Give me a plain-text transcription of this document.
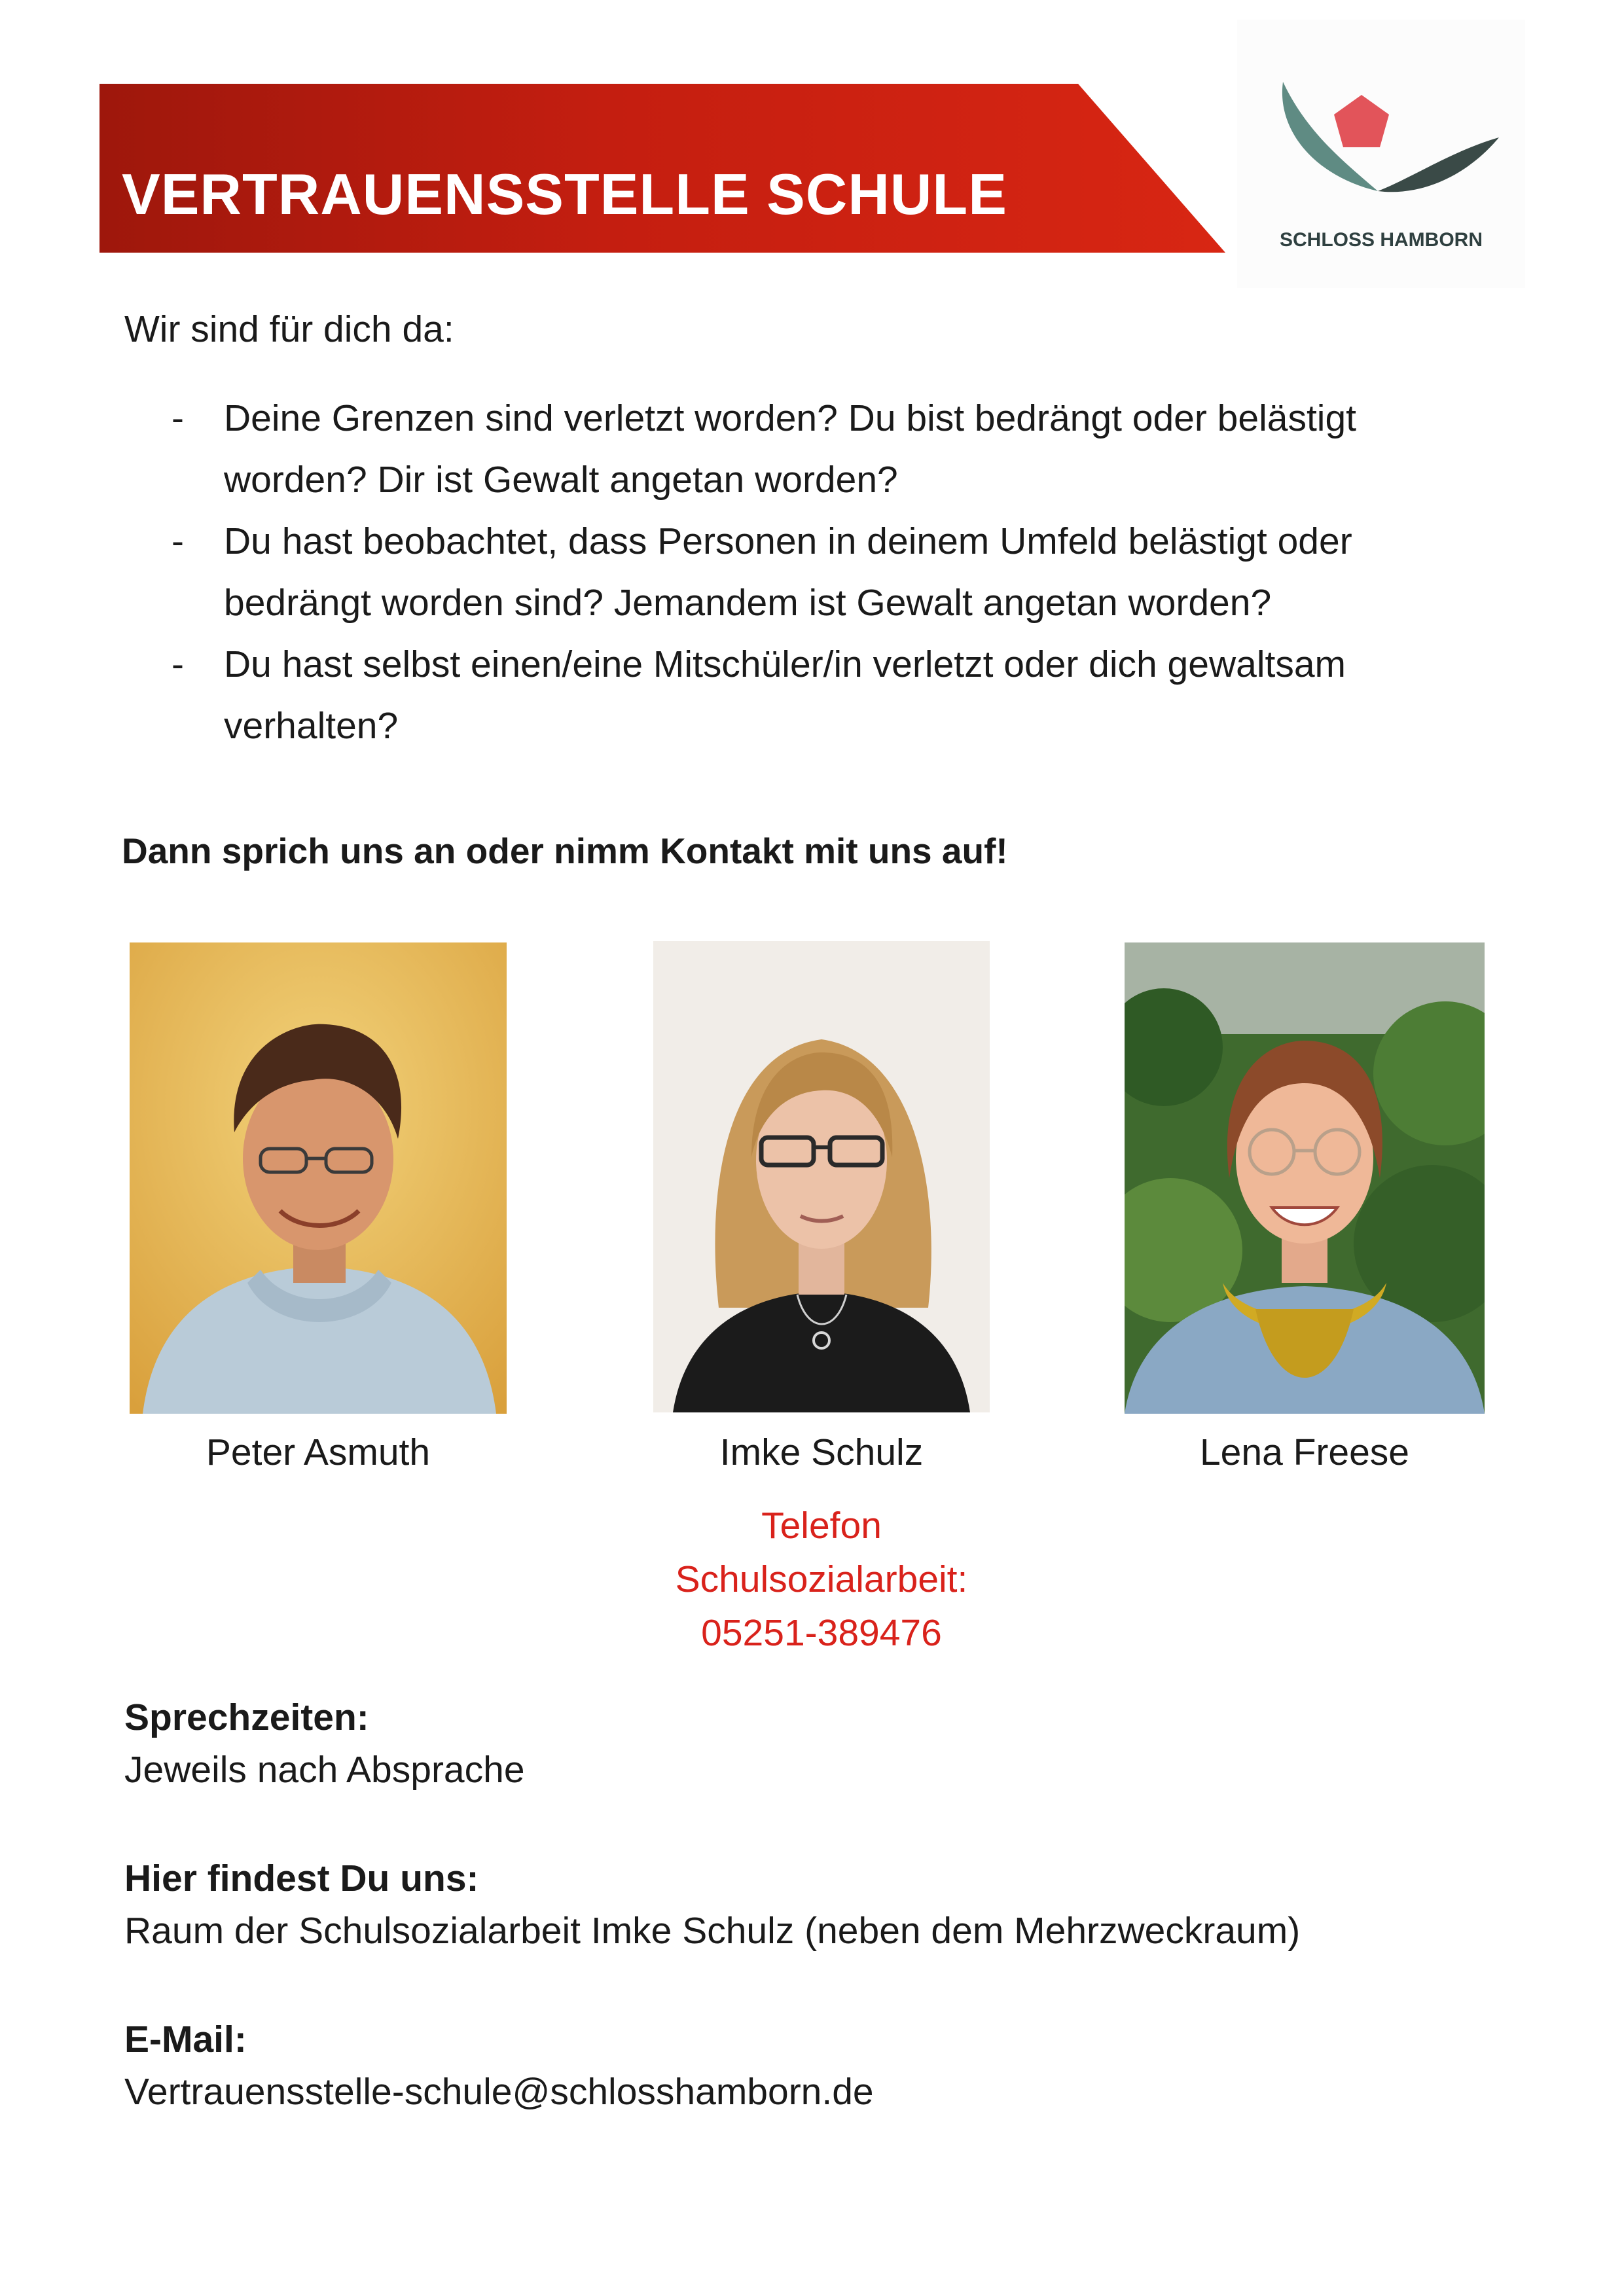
VERTRAUENSSTELLE SCHULE
SCHLOSS HAMBORN
Wir sind für dich da:
- Deine Grenzen sind verletzt worden? Du bist bedrängt oder belästigt worden? Dir ist Gewalt angetan worden?
- Du hast beobachtet, dass Personen in deinem Umfeld belästigt oder bedrängt worden sind? Jemandem ist Gewalt angetan worden?
- Du hast selbst einen/eine Mitschüler/in verletzt oder dich gewaltsam verhalten?
Dann sprich uns an oder nimm Kontakt mit uns auf!
Peter Asmuth	Imke Schulz	Lena Freese
Telefon
Schulsozialarbeit:
05251-389476
Sprechzeiten:
Jeweils nach Absprache
Hier findest Du uns:
Raum der Schulsozialarbeit Imke Schulz (neben dem Mehrzweckraum)
E-Mail:
Vertrauensstelle-schule@schlosshamborn.de
